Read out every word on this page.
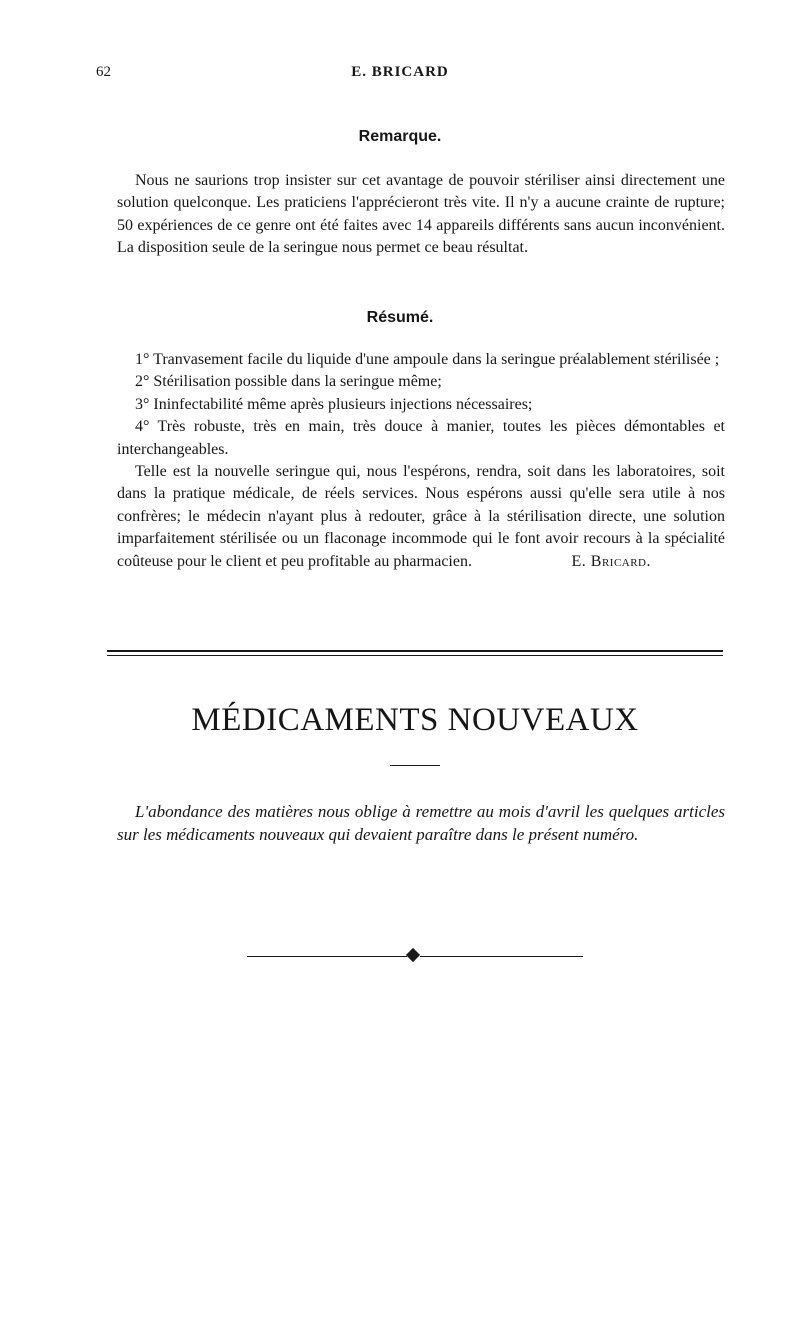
62	E. BRICARD
Remarque.

Nous ne saurions trop insister sur cet avantage de pouvoir stériliser ainsi directement une solution quelconque. Les praticiens l'apprécieront très vite. Il n'y a aucune crainte de rupture; 50 expériences de ce genre ont été faites avec 14 appareils différents sans aucun inconvénient. La disposition seule de la seringue nous permet ce beau résultat.

Résumé.

1° Tranvasement facile du liquide d'une ampoule dans la seringue préalablement stérilisée ;

2° Stérilisation possible dans la seringue même;

3° Ininfectabilité même après plusieurs injections nécessaires;

4° Très robuste, très en main, très douce à manier, toutes les pièces démontables et interchangeables.

Telle est la nouvelle seringue qui, nous l'espérons, rendra, soit dans les laboratoires, soit dans la pratique médicale, de réels services. Nous espérons aussi qu'elle sera utile à nos confrères; le médecin n'ayant plus à redouter, grâce à la stérilisation directe, une solution imparfaitement stérilisée ou un flaconage incommode qui le font avoir recours à la spécialité coûteuse pour le client et peu profitable au pharmacien.	E. Bricard.

MÉDICAMENTS NOUVEAUX

L'abondance des matières nous oblige à remettre au mois d'avril les quelques articles sur les médicaments nouveaux qui devaient paraître dans le présent numéro.
